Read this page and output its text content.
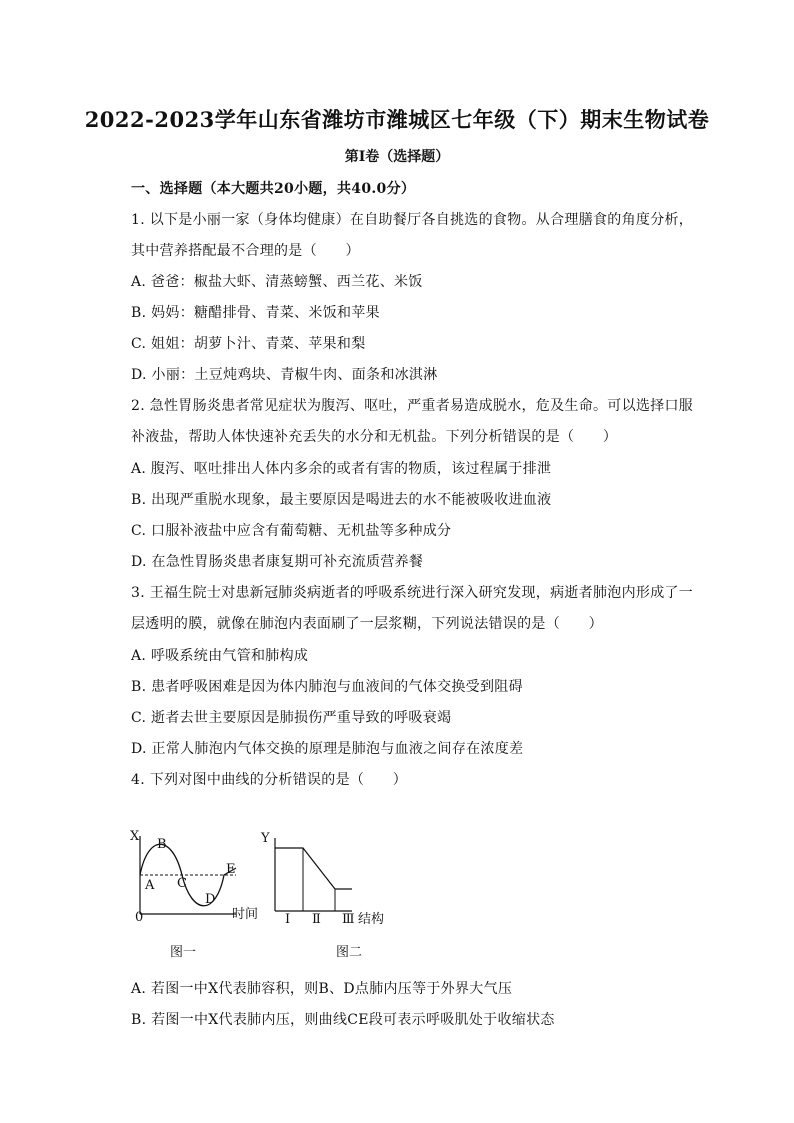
2022-2023学年山东省潍坊市潍城区七年级（下）期末生物试卷
第Ⅰ卷（选择题）
一、选择题（本大题共20小题，共40.0分）
1. 以下是小丽一家（身体均健康）在自助餐厅各自挑选的食物。从合理膳食的角度分析，
其中营养搭配最不合理的是（　　）
A. 爸爸：椒盐大虾、清蒸螃蟹、西兰花、米饭
B. 妈妈：糖醋排骨、青菜、米饭和苹果
C. 姐姐：胡萝卜汁、青菜、苹果和梨
D. 小丽：土豆炖鸡块、青椒牛肉、面条和冰淇淋
2. 急性胃肠炎患者常见症状为腹泻、呕吐，严重者易造成脱水，危及生命。可以选择口服
补液盐，帮助人体快速补充丢失的水分和无机盐。下列分析错误的是（　　）
A. 腹泻、呕吐排出人体内多余的或者有害的物质，该过程属于排泄
B. 出现严重脱水现象，最主要原因是喝进去的水不能被吸收进血液
C. 口服补液盐中应含有葡萄糖、无机盐等多种成分
D. 在急性胃肠炎患者康复期可补充流质营养餐
3. 王福生院士对患新冠肺炎病逝者的呼吸系统进行深入研究发现，病逝者肺泡内形成了一
层透明的膜，就像在肺泡内表面刷了一层浆糊，下列说法错误的是（　　）
A. 呼吸系统由气管和肺构成
B. 患者呼吸困难是因为体内肺泡与血液间的气体交换受到阻碍
C. 逝者去世主要原因是肺损伤严重导致的呼吸衰竭
D. 正常人肺泡内气体交换的原理是肺泡与血液之间存在浓度差
4. 下列对图中曲线的分析错误的是（　　）
X
0	时间
A
B
C
D
E
图一
Y
Ⅰ Ⅱ Ⅲ 结构
图二
A. 若图一中X代表肺容积，则B、D点肺内压等于外界大气压
B. 若图一中X代表肺内压，则曲线CE段可表示呼吸肌处于收缩状态
